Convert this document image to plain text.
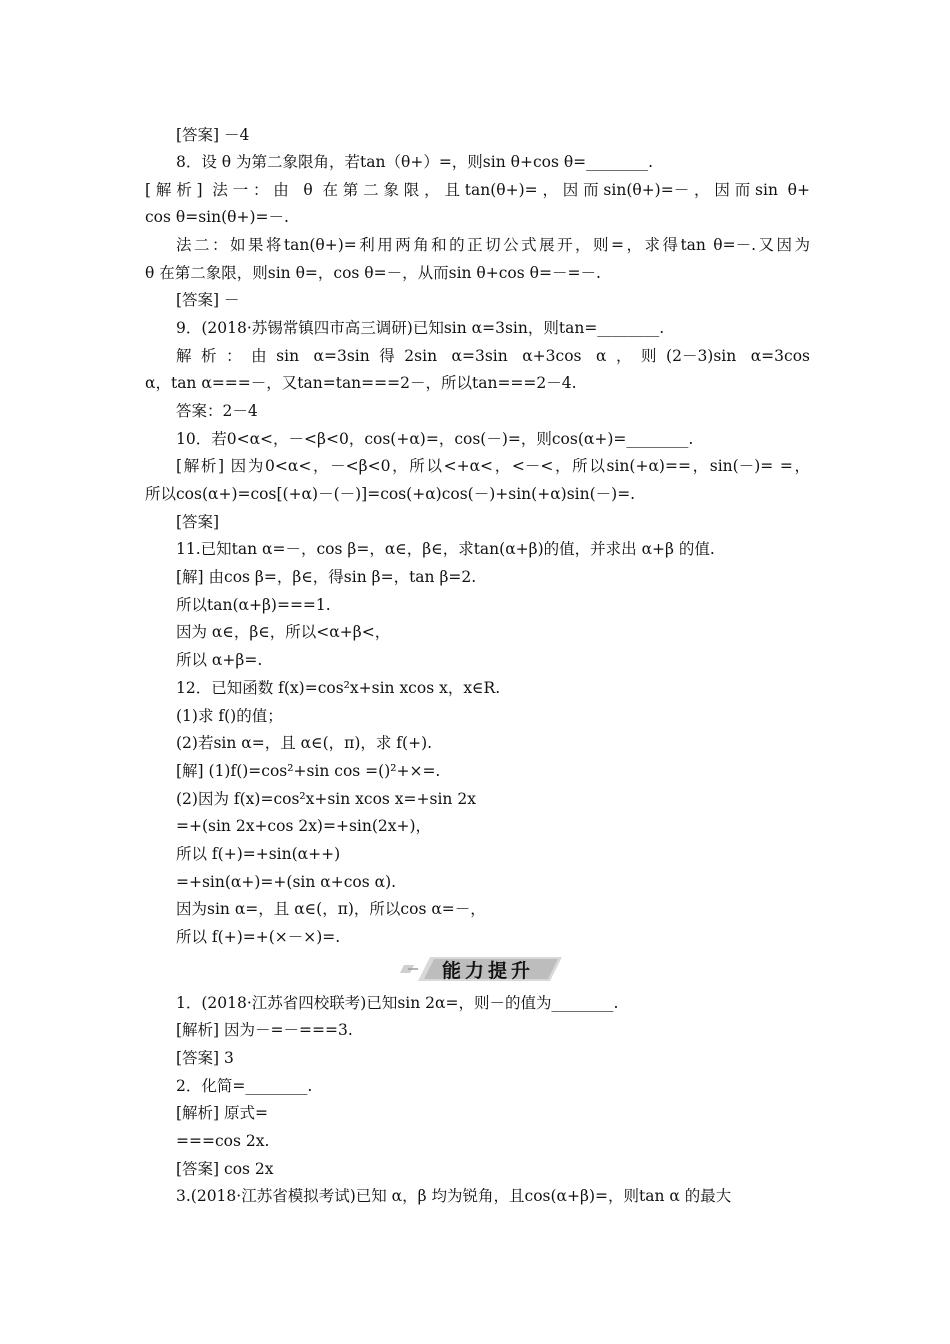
[答案] －4
8．设 θ 为第二象限角，若tan（θ+）=，则sin θ+cos θ=________.
[解析] 法一：由 θ 在第二象限，且tan(θ+)=，因而sin(θ+)=－，因而sin θ+
cos θ=sin(θ+)=－.
法二：如果将tan(θ+)=利用两角和的正切公式展开，则=，求得tan θ=－.又因为
θ 在第二象限，则sin θ=，cos θ=－，从而sin θ+cos θ=－=－.
[答案] －
9．(2018·苏锡常镇四市高三调研)已知sin α=3sin，则tan=________.
解析：由sin α=3sin得2sin α=3sin α+3cos α，则(2－3)sin α=3cos
α，tan α===－，又tan=tan===2－，所以tan===2－4.
答案：2－4
10．若0<α<，－<β<0，cos(+α)=，cos(－)=，则cos(α+)=________.
[解析] 因为0<α<，－<β<0，所以<+α<，<－<，所以sin(+α)==，sin(－)= =，
所以cos(α+)=cos[(+α)－(－)]=cos(+α)cos(－)+sin(+α)sin(－)=.
[答案]
11.已知tan α=－，cos β=，α∈，β∈，求tan(α+β)的值，并求出 α+β 的值.
[解] 由cos β=，β∈，得sin β=，tan β=2.
所以tan(α+β)===1.
因为 α∈，β∈，所以<α+β<，
所以 α+β=.
12．已知函数 f(x)=cos²x+sin xcos x，x∈R.
(1)求 f()的值；
(2)若sin α=，且 α∈(，π)，求 f(+).
[解] (1)f()=cos²+sin cos =()²+×=.
(2)因为 f(x)=cos²x+sin xcos x=+sin 2x
=+(sin 2x+cos 2x)=+sin(2x+)，
所以 f(+)=+sin(α++)
=+sin(α+)=+(sin α+cos α).
因为sin α=，且 α∈(，π)，所以cos α=－，
所以 f(+)=+(×－×)=.
能力提升
1．(2018·江苏省四校联考)已知sin 2α=，则－的值为________.
[解析] 因为－=－===3.
[答案] 3
2．化简=________.
[解析] 原式=
===cos 2x.
[答案] cos 2x
3.(2018·江苏省模拟考试)已知 α，β 均为锐角，且cos(α+β)=，则tan α 的最大
